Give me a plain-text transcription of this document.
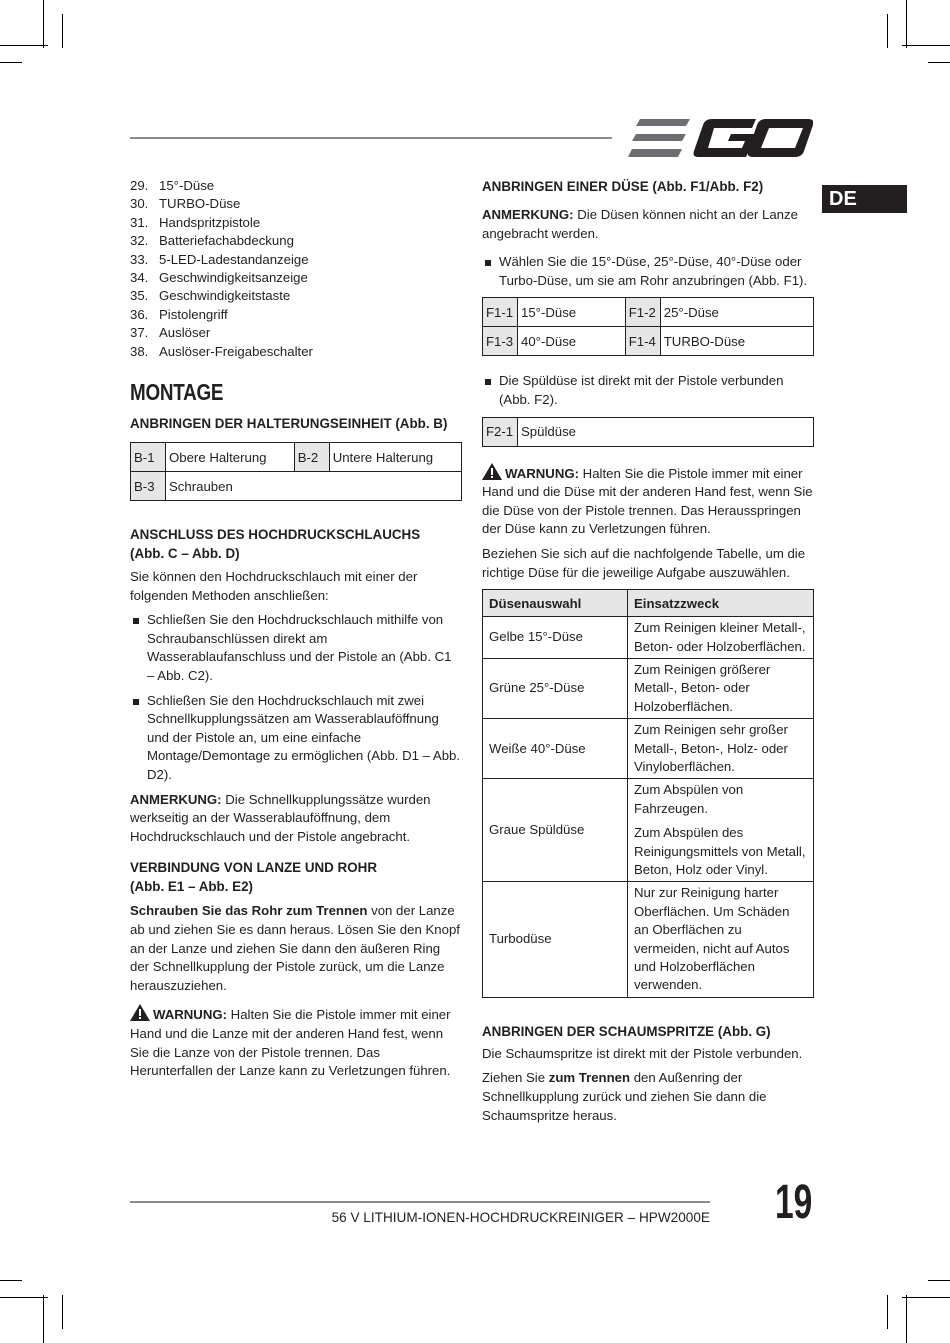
DE
29. 15°-Düse
30. TURBO-Düse
31. Handspritzpistole
32. Batteriefachabdeckung
33. 5-LED-Ladestandanzeige
34. Geschwindigkeitsanzeige
35. Geschwindigkeitstaste
36. Pistolengriff
37. Auslöser
38. Auslöser-Freigabeschalter
MONTAGE
ANBRINGEN DER HALTERUNGSEINHEIT (Abb. B)
B-1	Obere Halterung	B-2	Untere Halterung
B-3	Schrauben		
ANSCHLUSS DES HOCHDRUCKSCHLAUCHS
(Abb. C – Abb. D)

Sie können den Hochdruckschlauch mit einer der folgenden Methoden anschließen:

Schließen Sie den Hochdruckschlauch mithilfe von Schraubanschlüssen direkt am Wasserablaufanschluss und der Pistole an (Abb. C1 – Abb. C2).
Schließen Sie den Hochdruckschlauch mit zwei Schnellkupplungssätzen am Wasserablauföffnung und der Pistole an, um eine einfache Montage/Demontage zu ermöglichen (Abb. D1 – Abb. D2).

ANMERKUNG: Die Schnellkupplungssätze wurden werkseitig an der Wasserablauföffnung, dem Hochdruckschlauch und der Pistole angebracht.

VERBINDUNG VON LANZE UND ROHR
(Abb. E1 – Abb. E2)

Schrauben Sie das Rohr zum Trennen von der Lanze ab und ziehen Sie es dann heraus. Lösen Sie den Knopf an der Lanze und ziehen Sie dann den äußeren Ring der Schnellkupplung der Pistole zurück, um die Lanze herauszuziehen.

WARNUNG: Halten Sie die Pistole immer mit einer Hand und die Lanze mit der anderen Hand fest, wenn Sie die Lanze von der Pistole trennen. Das Herunterfallen der Lanze kann zu Verletzungen führen.

ANBRINGEN EINER DÜSE (Abb. F1/Abb. F2)

ANMERKUNG: Die Düsen können nicht an der Lanze angebracht werden.

Wählen Sie die 15°-Düse, 25°-Düse, 40°-Düse oder Turbo-Düse, um sie am Rohr anzubringen (Abb. F1).
F1-1	15°-Düse	F1-2	25°-Düse
F1-3	40°-Düse	F1-4	TURBO-Düse
Die Spüldüse ist direkt mit der Pistole verbunden (Abb. F2).
F2-1	Spüldüse

WARNUNG: Halten Sie die Pistole immer mit einer Hand und die Düse mit der anderen Hand fest, wenn Sie die Düse von der Pistole trennen. Das Herausspringen der Düse kann zu Verletzungen führen.

Beziehen Sie sich auf die nachfolgende Tabelle, um die richtige Düse für die jeweilige Aufgabe auszuwählen.

Düsenauswahl	Einsatzzweck
Gelbe 15°-Düse	Zum Reinigen kleiner Metall-, Beton- oder Holzoberflächen.

Grüne 25°-Düse	Zum Reinigen größerer Metall-, Beton- oder Holzoberflächen.

Weiße 40°-Düse	Zum Reinigen sehr großer Metall-, Beton-, Holz- oder Vinyloberflächen.

Graue Spüldüse	Zum Abspülen von Fahrzeugen.
Zum Abspülen des Reinigungsmittels von Metall, Beton, Holz oder Vinyl.

Turbodüse	Nur zur Reinigung harter Oberflächen. Um Schäden an Oberflächen zu vermeiden, nicht auf Autos und Holzoberflächen verwenden.
ANBRINGEN DER SCHAUMSPRITZE (Abb. G)

Die Schaumspritze ist direkt mit der Pistole verbunden.

Ziehen Sie zum Trennen den Außenring der Schnellkupplung zurück und ziehen Sie dann die Schaumspritze heraus.

56 V LITHIUM-IONEN-HOCHDRUCKREINIGER – HPW2000E 19
